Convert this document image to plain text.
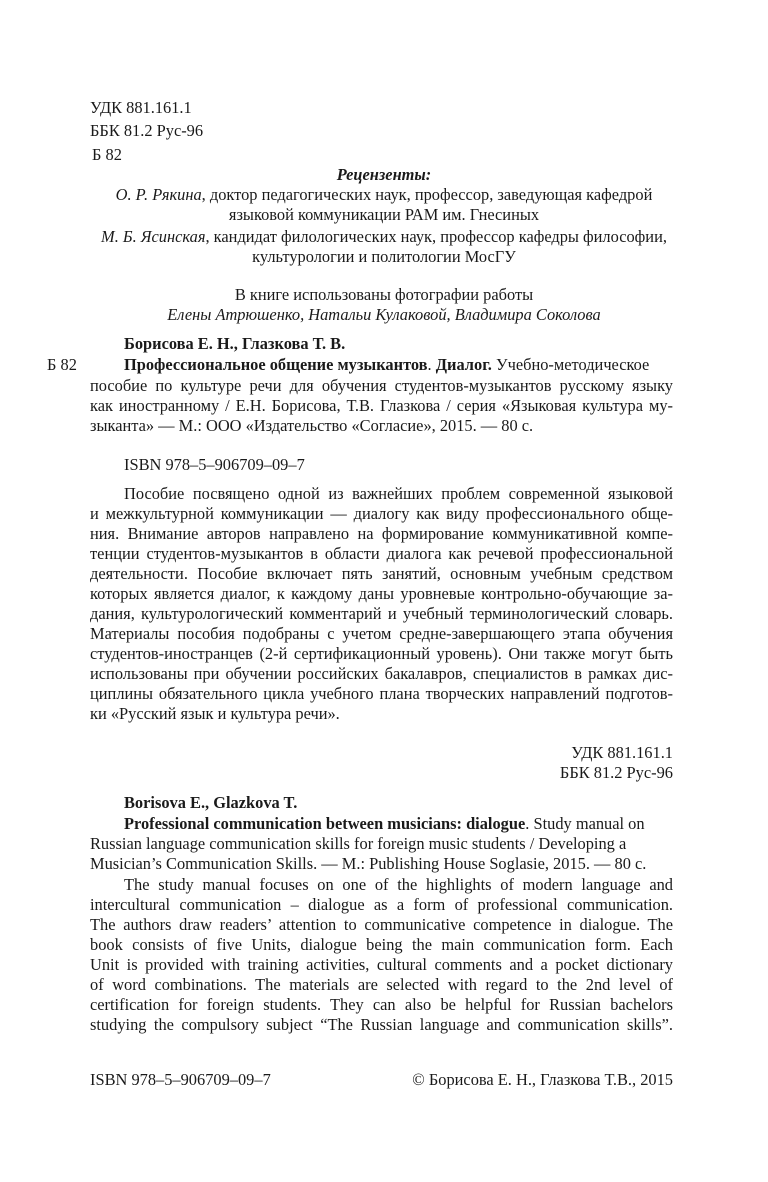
УДК 881.161.1
ББК 81.2 Рус-96
Б 82
Рецензенты:
О. Р. Рякина, доктор педагогических наук, профессор, заведующая кафедрой
языковой коммуникации РАМ им. Гнесиных
М. Б. Ясинская, кандидат филологических наук, профессор кафедры философии,
культурологии и политологии МосГУ
В книге использованы фотографии работы
Елены Атрюшенко, Натальи Кулаковой, Владимира Соколова
Борисова Е. Н., Глазкова Т. В.
Б 82	Профессиональное общение музыкантов. Диалог. Учебно-методическое
пособие по культуре речи для обучения студентов-музыкантов русскому языку
как иностранному / Е.Н. Борисова, Т.В. Глазкова / серия «Языковая культура му-
зыканта» — М.: ООО «Издательство «Согласие», 2015. — 80 с.
ISBN 978–5–906709–09–7
Пособие посвящено одной из важнейших проблем современной языковой
и межкультурной коммуникации — диалогу как виду профессионального обще-
ния. Внимание авторов направлено на формирование коммуникативной компе-
тенции студентов-музыкантов в области диалога как речевой профессиональной
деятельности. Пособие включает пять занятий, основным учебным средством
которых является диалог, к каждому даны уровневые контрольно-обучающие за-
дания, культурологический комментарий и учебный терминологический словарь.
Материалы пособия подобраны с учетом средне-завершающего этапа обучения
студентов-иностранцев (2-й сертификационный уровень). Они также могут быть
использованы при обучении российских бакалавров, специалистов в рамках дис-
циплины обязательного цикла учебного плана творческих направлений подготов-
ки «Русский язык и культура речи».
УДК 881.161.1
ББК 81.2 Рус-96
Borisova E., Glazkova T.
Professional communication between musicians: dialogue. Study manual on
Russian language communication skills for foreign music students / Developing a
Musician’s Communication Skills. — M.: Publishing House Soglasie, 2015. — 80 c.
The study manual focuses on one of the highlights of modern language and
intercultural communication – dialogue as a form of professional communication.
The authors draw readers’ attention to communicative competence in dialogue. The
book consists of five Units, dialogue being the main communication form. Each
Unit is provided with training activities, cultural comments and a pocket dictionary
of word combinations. The materials are selected with regard to the 2nd level of
certification for foreign students. They can also be helpful for Russian bachelors
studying the compulsory subject “The Russian language and communication skills”.
ISBN 978–5–906709–09–7	© Борисова Е. Н., Глазкова Т.В., 2015
